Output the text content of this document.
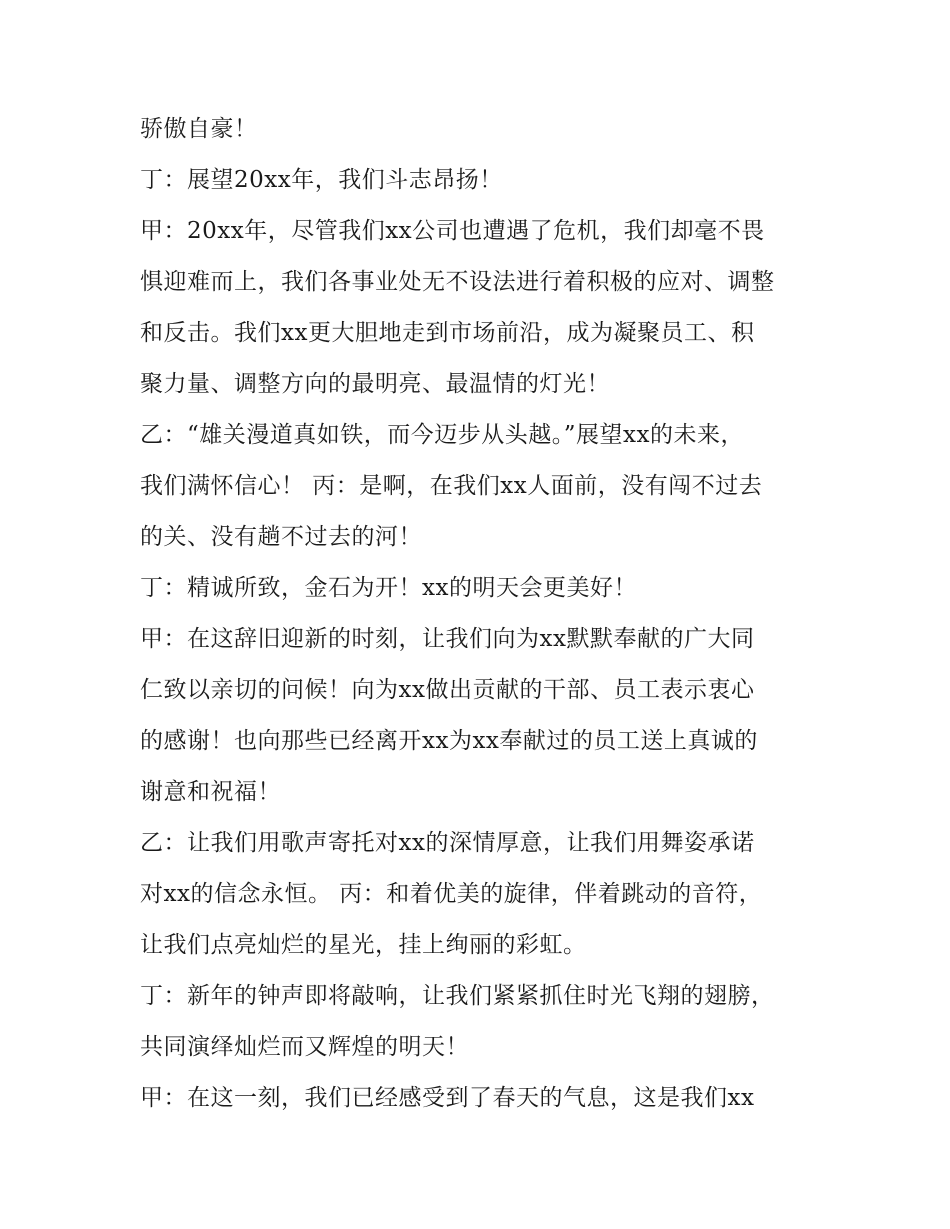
骄傲自豪！
丁：展望20xx年，我们斗志昂扬！
甲：20xx年，尽管我们xx公司也遭遇了危机，我们却毫不畏
惧迎难而上，我们各事业处无不设法进行着积极的应对、调整
和反击。我们xx更大胆地走到市场前沿，成为凝聚员工、积
聚力量、调整方向的最明亮、最温情的灯光！
乙：“雄关漫道真如铁，而今迈步从头越。”展望xx的未来，
我们满怀信心！ 丙：是啊，在我们xx人面前，没有闯不过去
的关、没有趟不过去的河！
丁：精诚所致，金石为开！xx的明天会更美好！
甲：在这辞旧迎新的时刻，让我们向为xx默默奉献的广大同
仁致以亲切的问候！向为xx做出贡献的干部、员工表示衷心
的感谢！也向那些已经离开xx为xx奉献过的员工送上真诚的
谢意和祝福！
乙：让我们用歌声寄托对xx的深情厚意，让我们用舞姿承诺
对xx的信念永恒。 丙：和着优美的旋律，伴着跳动的音符，
让我们点亮灿烂的星光，挂上绚丽的彩虹。
丁：新年的钟声即将敲响，让我们紧紧抓住时光飞翔的翅膀，
共同演绎灿烂而又辉煌的明天！
甲：在这一刻，我们已经感受到了春天的气息，这是我们xx
